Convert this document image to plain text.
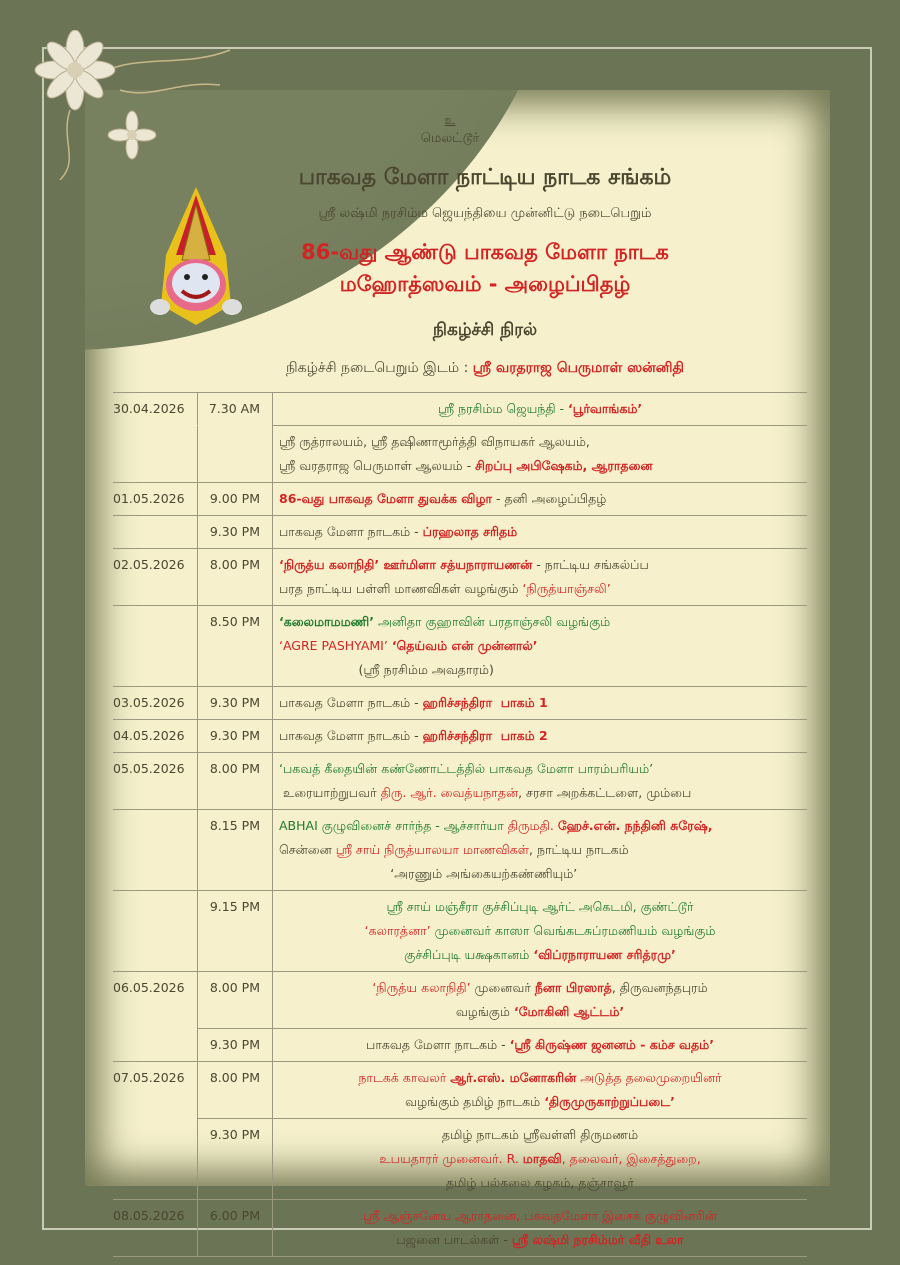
உ
மெலட்டூர்
பாகவத மேளா நாட்டிய நாடக சங்கம்
ஸ்ரீ லஷ்மி நரசிம்ம ஜெயந்தியை முன்னிட்டு நடைபெறும்
86-வது ஆண்டு பாகவத மேளா நாடக
மஹோத்ஸவம் - அழைப்பிதழ்
நிகழ்ச்சி நிரல்
நிகழ்ச்சி நடைபெறும் இடம் : ஸ்ரீ வரதராஜ பெருமாள் ஸன்னிதி
30.04.2026	7.30 AM	ஸ்ரீ நரசிம்ம ஜெயந்தி - ‘பூர்வாங்கம்’
ஸ்ரீ ருத்ராலயம், ஸ்ரீ தஷிணாமூர்த்தி விநாயகர் ஆலயம்,
ஸ்ரீ வரதராஜ பெருமாள் ஆலயம் - சிறப்பு அபிஷேகம், ஆராதனை
01.05.2026	9.00 PM	86-வது பாகவத மேளா துவக்க விழா - தனி அழைப்பிதழ்
9.30 PM	பாகவத மேளா நாடகம் - ப்ரஹலாத சரிதம்
02.05.2026	8.00 PM	‘நிருத்ய கலாநிதி’ ஊர்மிளா சத்யநாராயணன் - நாட்டிய சங்கல்ப்ப
பரத நாட்டிய பள்ளி மாணவிகள் வழங்கும் ‘நிருத்யாஞ்சலி’
8.50 PM	‘கலைமாமமணி’ அனிதா குஹாவின் பரதாஞ்சலி வழங்கும்
‘AGRE PASHYAMI’ ‘தெய்வம் என் முன்னால்’
(ஸ்ரீ நரசிம்ம அவதாரம்)
03.05.2026	9.30 PM	பாகவத மேளா நாடகம் - ஹரிச்சந்திரா  பாகம் 1
04.05.2026	9.30 PM	பாகவத மேளா நாடகம் - ஹரிச்சந்திரா  பாகம் 2
05.05.2026	8.00 PM	‘பகவத் கீதையின் கண்ணோட்டத்தில் பாகவத மேளா பாரம்பரியம்’
உரையாற்றுபவர் திரு. ஆர். வைத்யநாதன், சரசா அறக்கட்டளை, மும்பை
8.15 PM	ABHAI குழுவினைச் சார்ந்த - ஆச்சார்யா திருமதி. ஹேச்.என். நந்தினி சுரேஷ்,
சென்னை ஸ்ரீ சாய் நிருத்யாலயா மாணவிகள், நாட்டிய நாடகம்
‘அரணும் அங்கையற்கண்ணியும்’
9.15 PM	ஸ்ரீ சாய் மஞ்சீரா குச்சிப்புடி ஆர்ட் அகெடமி, குண்ட்டூர்
‘கலாரத்னா’ முனைவர் காஸா வெங்கடசுப்ரமணியம் வழங்கும்
குச்சிப்புடி யக்ஷகானம் ‘விப்ரநாராயண சரித்ரமு’
06.05.2026	8.00 PM	‘நிருத்ய கலாநிதி’ முனைவர் நீனா பிரஸாத், திருவனந்தபுரம்
வழங்கும் ‘மோகினி ஆட்டம்’
9.30 PM	பாகவத மேளா நாடகம் - ‘ஸ்ரீ கிருஷ்ண ஜனனம் - கம்ச வதம்’
07.05.2026	8.00 PM	நாடகக் காவலர் ஆர்.எஸ். மனோகரின் அடுத்த தலைமுறையினர்
வழங்கும் தமிழ் நாடகம் ‘திருமுருகாற்றுப்படை’
9.30 PM	தமிழ் நாடகம் ஸ்ரீவள்ளி திருமணம்
உபயதாரர் முனைவர். R. மாதவி, தலைவர், இசைத்துறை,
தமிழ் பல்கலை கழகம், தஞ்சாவூர்
08.05.2026	6.00 PM	ஸ்ரீ ஆஞ்சனேய ஆராதனை, பகவதமேளா இசைக் குழுவினரின்
பஜனை பாடல்கள் - ஸ்ரீ லஷ்மி நரசிம்மர் வீதி உலா
